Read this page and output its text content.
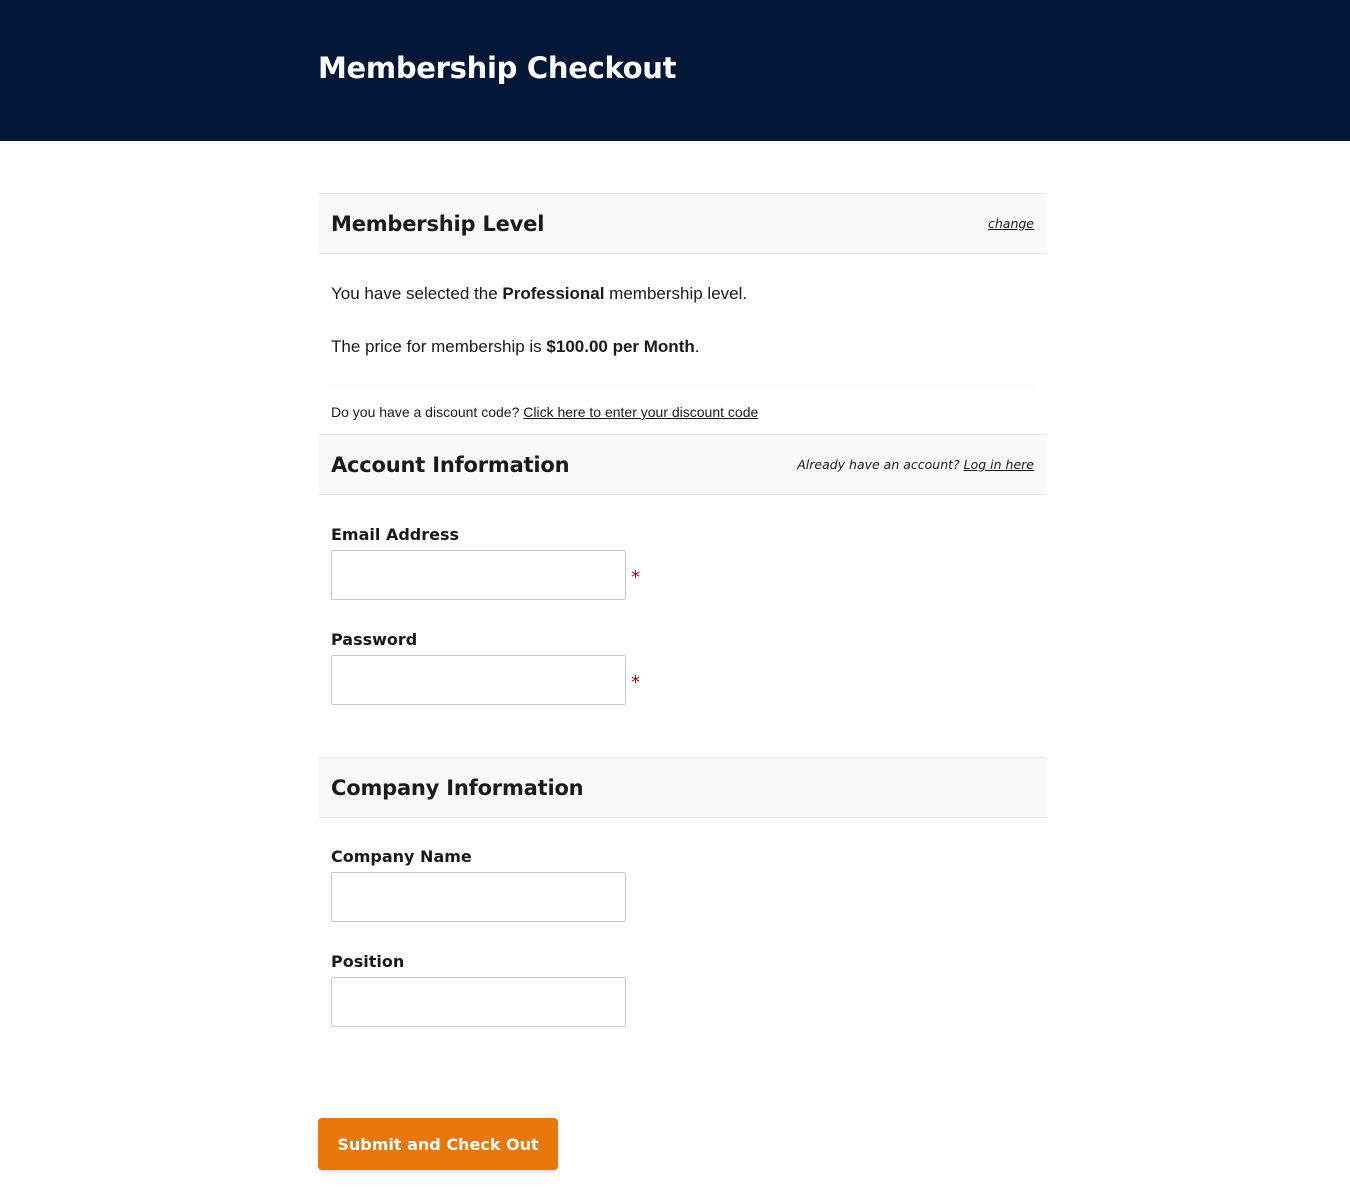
Membership Checkout
Membership Level	change

You have selected the Professional membership level.

The price for membership is $100.00 per Month.

Do you have a discount code? Click here to enter your discount code
Account Information	Already have an account? Log in here
Email Address
*
Password
*
Company Information
Company Name
Position
Submit and Check Out
